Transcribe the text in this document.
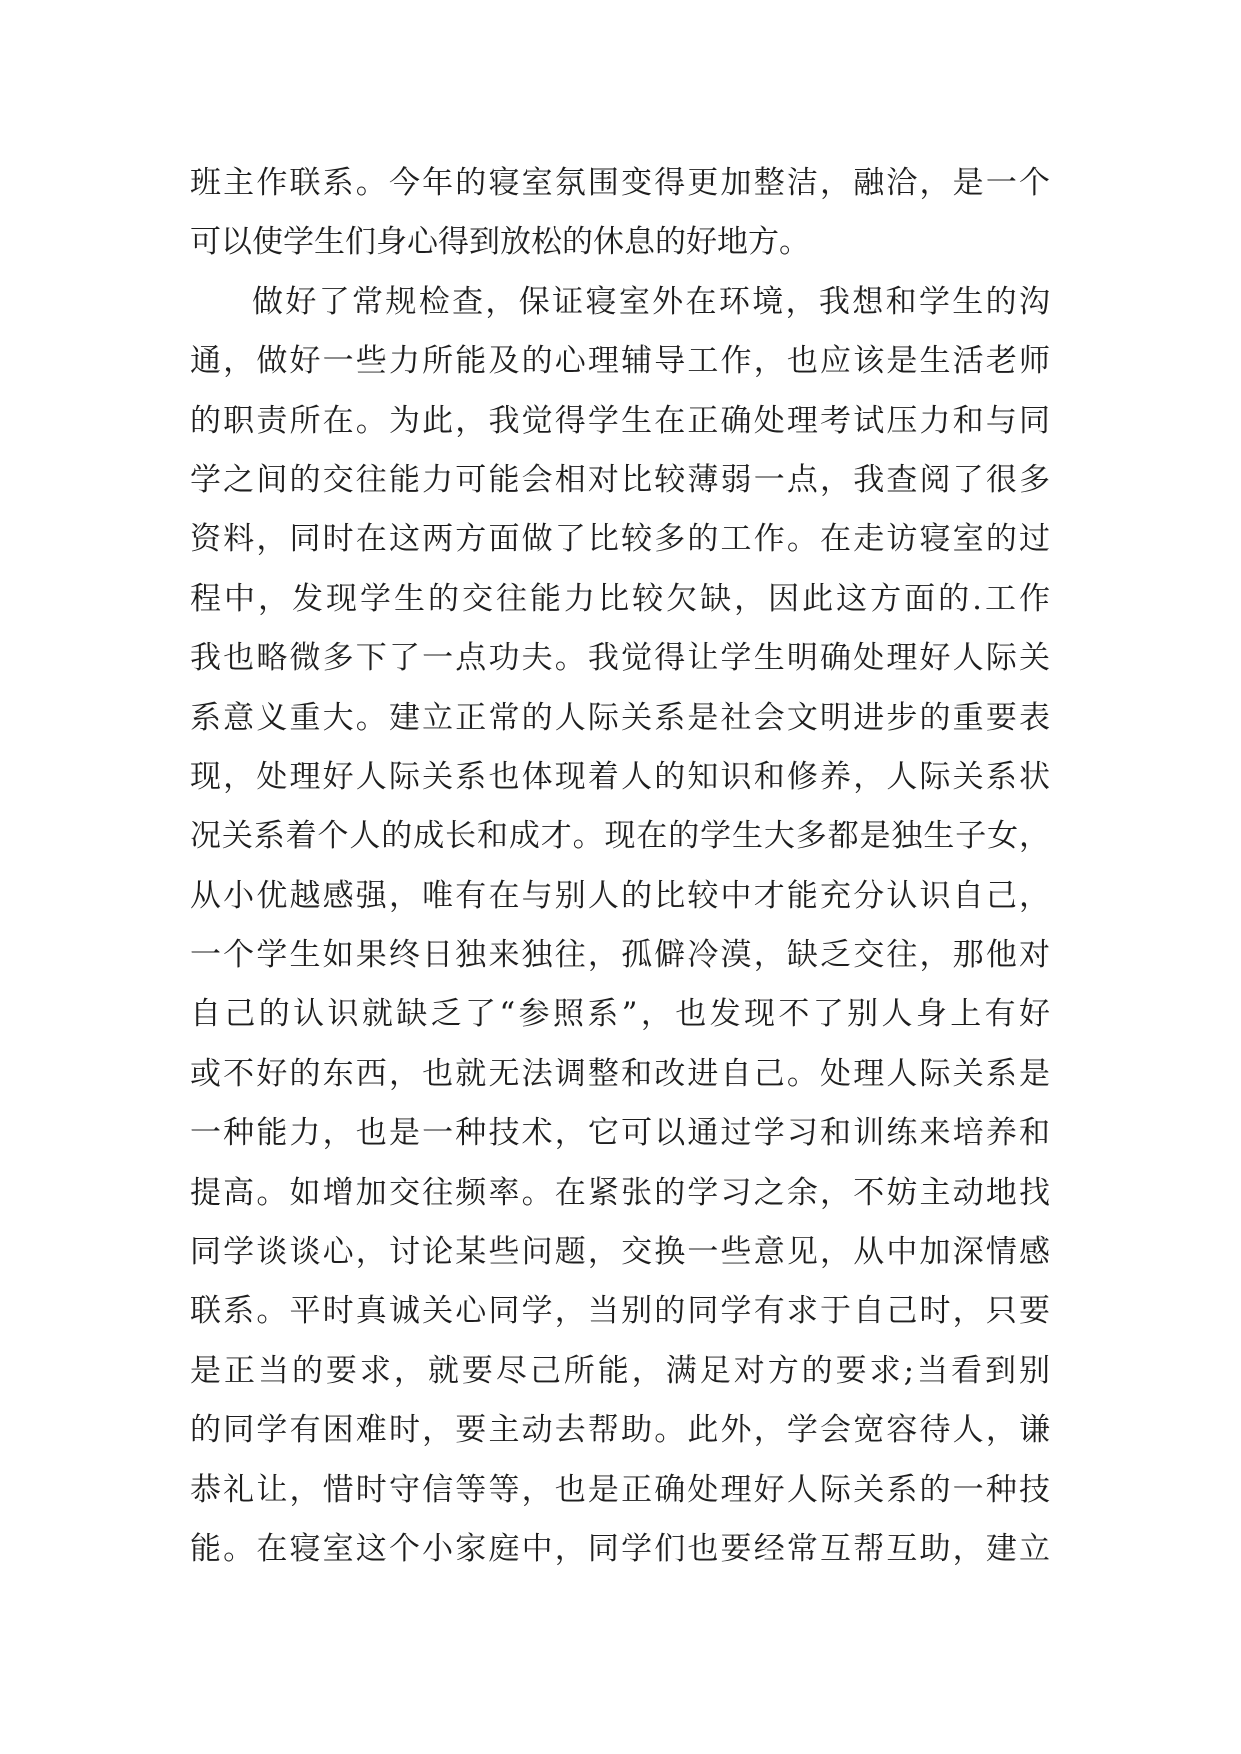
班主作联系。今年的寝室氛围变得更加整洁，融洽，是一个
可以使学生们身心得到放松的休息的好地方。
做好了常规检查，保证寝室外在环境，我想和学生的沟
通，做好一些力所能及的心理辅导工作，也应该是生活老师
的职责所在。为此，我觉得学生在正确处理考试压力和与同
学之间的交往能力可能会相对比较薄弱一点，我查阅了很多
资料，同时在这两方面做了比较多的工作。在走访寝室的过
程中，发现学生的交往能力比较欠缺，因此这方面的.工作
我也略微多下了一点功夫。我觉得让学生明确处理好人际关
系意义重大。建立正常的人际关系是社会文明进步的重要表
现，处理好人际关系也体现着人的知识和修养，人际关系状
况关系着个人的成长和成才。现在的学生大多都是独生子女，
从小优越感强，唯有在与别人的比较中才能充分认识自己，
一个学生如果终日独来独往，孤僻冷漠，缺乏交往，那他对
自己的认识就缺乏了“参照系”，也发现不了别人身上有好
或不好的东西，也就无法调整和改进自己。处理人际关系是
一种能力，也是一种技术，它可以通过学习和训练来培养和
提高。如增加交往频率。在紧张的学习之余，不妨主动地找
同学谈谈心，讨论某些问题，交换一些意见，从中加深情感
联系。平时真诚关心同学，当别的同学有求于自己时，只要
是正当的要求，就要尽己所能，满足对方的要求;当看到别
的同学有困难时，要主动去帮助。此外，学会宽容待人，谦
恭礼让，惜时守信等等，也是正确处理好人际关系的一种技
能。在寝室这个小家庭中，同学们也要经常互帮互助，建立
